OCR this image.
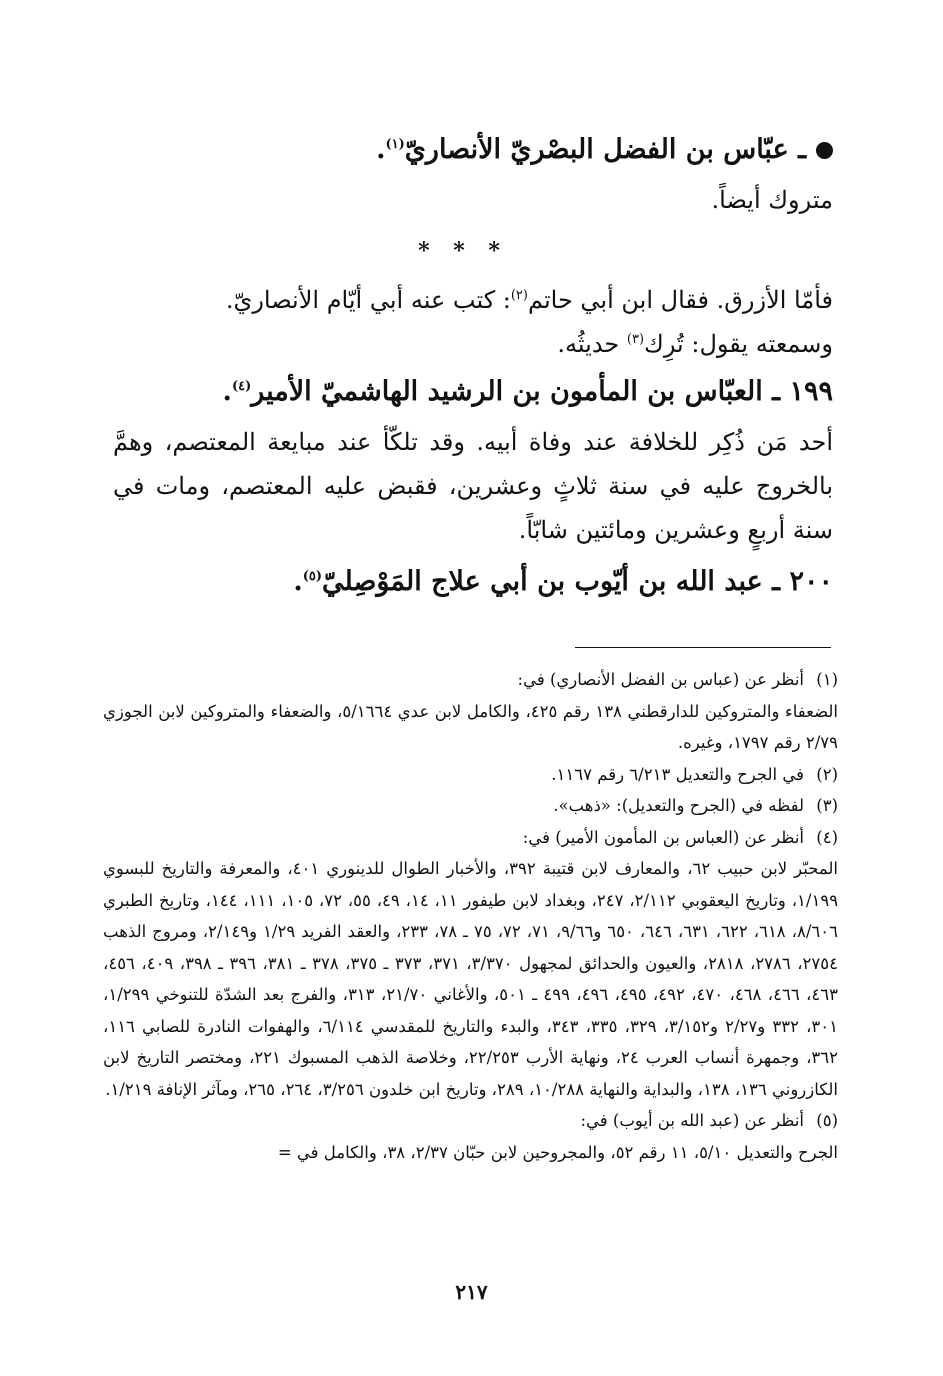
ـ عبّاس بن الفضل البصْريّ الأنصاريّ$^{(١)}$.

متروك أيضاً.

* * *

فأمّا الأزرق. فقال ابن أبي حاتم$^{(٢)}$: كتب عنه أبي أيّام الأنصاريّ.
وسمعته يقول: تُرِك$^{(٣)}$ حديثُه.

١٩٩ ـ العبّاس بن المأمون بن الرشيد الهاشميّ الأمير$^{(٤)}$.

أحد مَن ذُكِر للخلافة عند وفاة أبيه. وقد تلكّأ عند مبايعة المعتصم، وهمَّ بالخروج عليه في سنة ثلاثٍ وعشرين، فقبض عليه المعتصم، ومات في سنة أربعٍ وعشرين ومائتين شابّاً.

٢٠٠ ـ عبد الله بن أيّوب بن أبي علاج المَوْصِليّ$^{(٥)}$.

(١)
أنظر عن (عباس بن الفضل الأنصاري) في:

الضعفاء والمتروكين للدارقطني ١٣٨ رقم ٤٢٥، والكامل لابن عدي ٥/١٦٦٤، والضعفاء والمتروكين لابن الجوزي ٢/٧٩ رقم ١٧٩٧، وغيره.

(٢)
في الجرح والتعديل ٦/٢١٣ رقم ١١٦٧.
(٣)
لفظه في (الجرح والتعديل): «ذهب».
(٤)
أنظر عن (العباس بن المأمون الأمير) في:

المحبّر لابن حبيب ٦٢، والمعارف لابن قتيبة ٣٩٢، والأخبار الطوال للدينوري ٤٠١، والمعرفة والتاريخ للبسوي ١/١٩٩، وتاريخ اليعقوبي ٢/١١٢، ٢٤٧، وبغداد لابن طيفور ١١، ١٤، ٤٩، ٥٥، ٧٢، ١٠٥، ١١١، ١٤٤، وتاريخ الطبري ٨/٦٠٦، ٦١٨، ٦٢٢، ٦٣١، ٦٤٦، ٦٥٠ و٩/٦٦، ٧١، ٧٢، ٧٥ ـ ٧٨، ٢٣٣، والعقد الفريد ١/٢٩ و٢/١٤٩، ومروج الذهب ٢٧٥٤، ٢٧٨٦، ٢٨١٨، والعيون والحدائق لمجهول ٣/٣٧٠، ٣٧١، ٣٧٣ ـ ٣٧٥، ٣٧٨ ـ ٣٨١، ٣٩٦ ـ ٣٩٨، ٤٠٩، ٤٥٦، ٤٦٣، ٤٦٦، ٤٦٨، ٤٧٠، ٤٩٢، ٤٩٥، ٤٩٦، ٤٩٩ ـ ٥٠١، والأغاني ٢١/٧٠، ٣١٣، والفرج بعد الشدّة للتنوخي ١/٢٩٩، ٣٠١، ٣٣٢ و٢/٢٧ و٣/١٥٢، ٣٢٩، ٣٣٥، ٣٤٣، والبدء والتاريخ للمقدسي ٦/١١٤، والهفوات النادرة للصابي ١١٦، ٣٦٢، وجمهرة أنساب العرب ٢٤، ونهاية الأرب ٢٢/٢٥٣، وخلاصة الذهب المسبوك ٢٢١، ومختصر التاريخ لابن الكازروني ١٣٦، ١٣٨، والبداية والنهاية ١٠/٢٨٨، ٢٨٩، وتاريخ ابن خلدون ٣/٢٥٦، ٢٦٤، ٢٦٥، ومآثر الإنافة ١/٢١٩.

(٥)
أنظر عن (عبد الله بن أيوب) في:

الجرح والتعديل ٥/١٠، ١١ رقم ٥٢، والمجروحين لابن حبّان ٢/٣٧، ٣٨، والكامل في =

٢١٧
